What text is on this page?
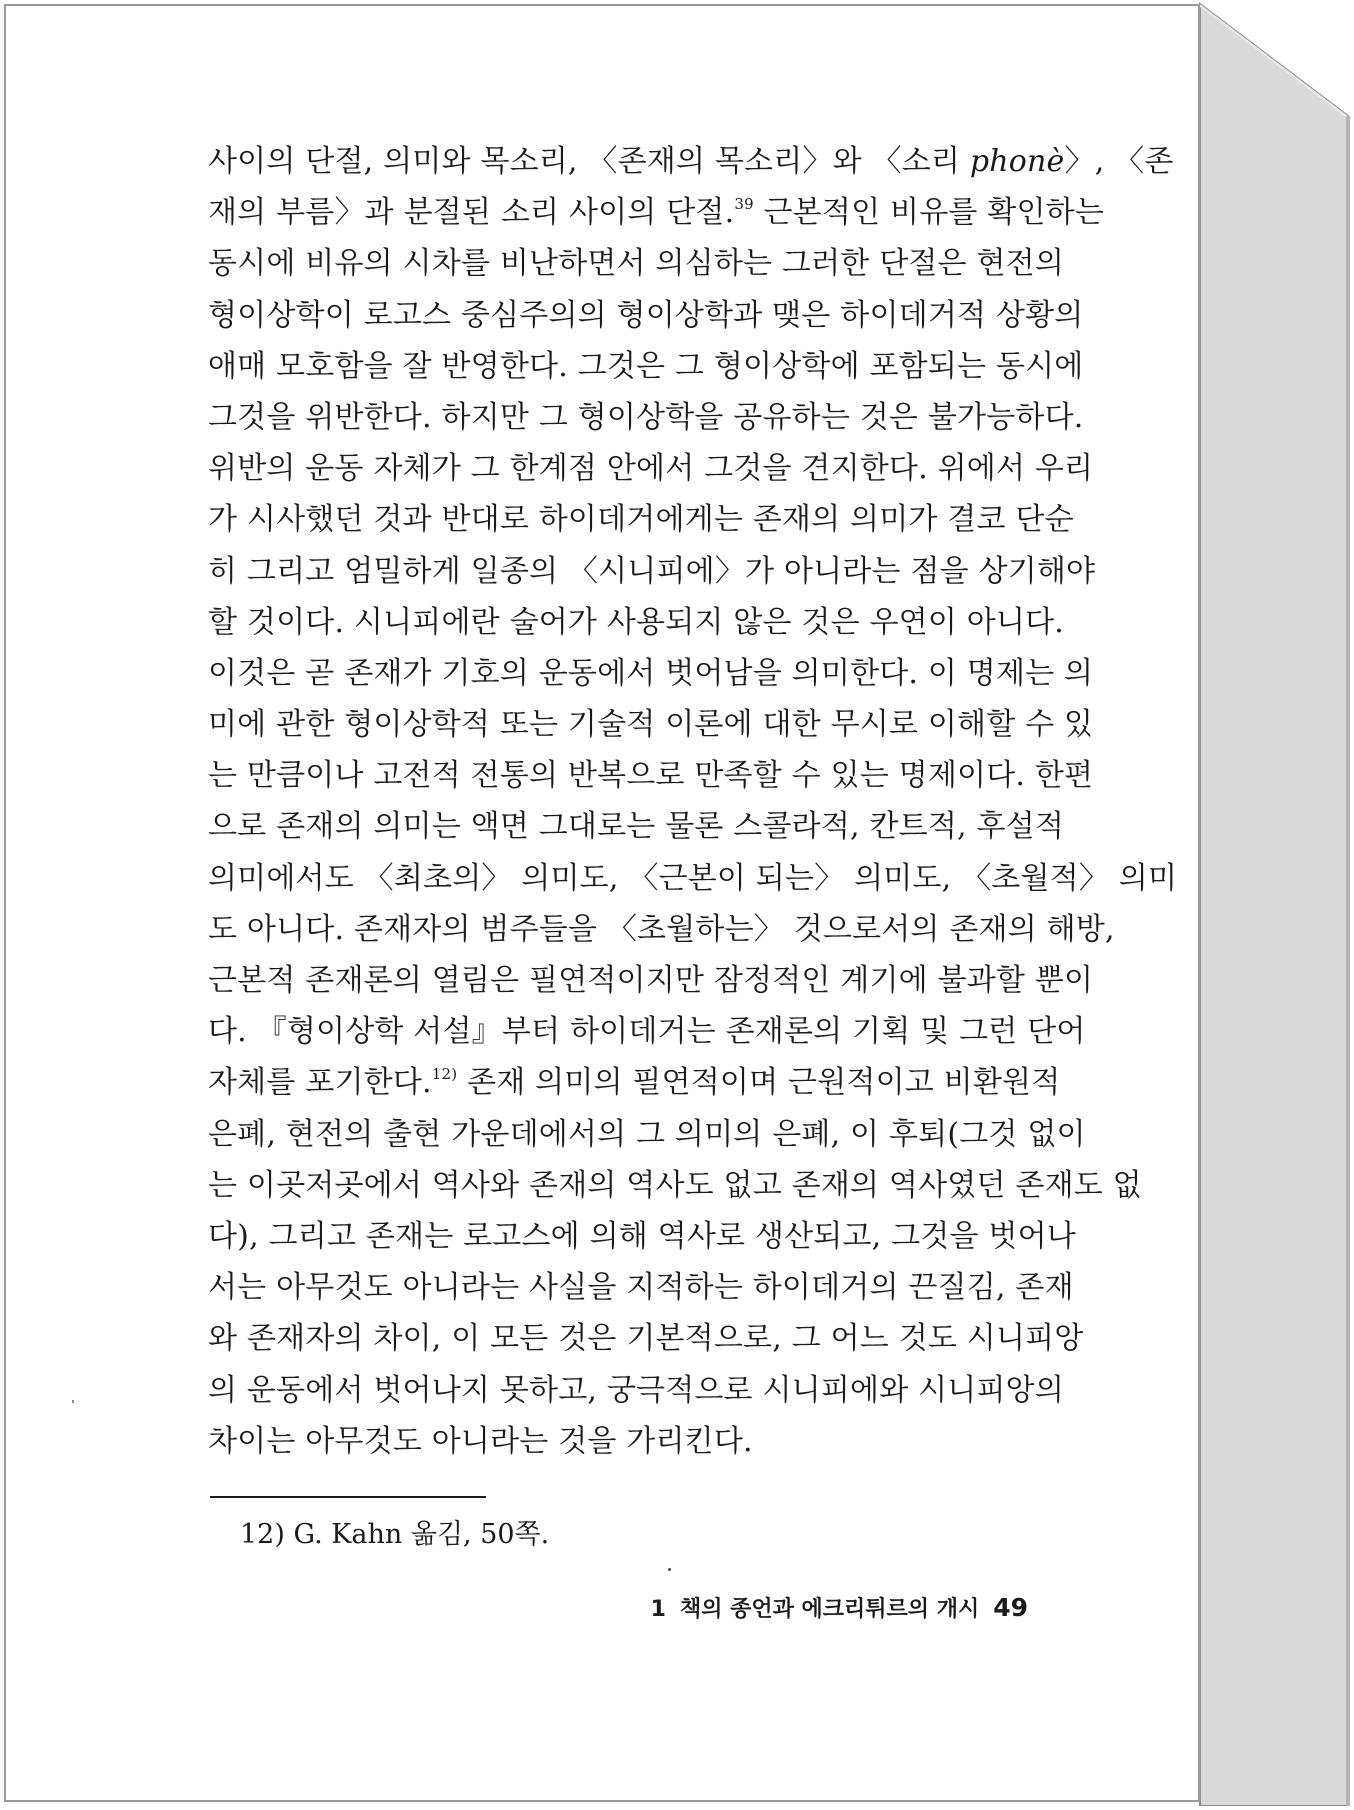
사이의 단절, 의미와 목소리, 〈존재의 목소리〉와 〈소리 phonè〉, 〈존
재의 부름〉과 분절된 소리 사이의 단절.$^{39}$ 근본적인 비유를 확인하는
동시에 비유의 시차를 비난하면서 의심하는 그러한 단절은 현전의
형이상학이 로고스 중심주의의 형이상학과 맺은 하이데거적 상황의
애매 모호함을 잘 반영한다. 그것은 그 형이상학에 포함되는 동시에
그것을 위반한다. 하지만 그 형이상학을 공유하는 것은 불가능하다.
위반의 운동 자체가 그 한계점 안에서 그것을 견지한다. 위에서 우리
가 시사했던 것과 반대로 하이데거에게는 존재의 의미가 결코 단순
히 그리고 엄밀하게 일종의 〈시니피에〉가 아니라는 점을 상기해야
할 것이다. 시니피에란 술어가 사용되지 않은 것은 우연이 아니다.
이것은 곧 존재가 기호의 운동에서 벗어남을 의미한다. 이 명제는 의
미에 관한 형이상학적 또는 기술적 이론에 대한 무시로 이해할 수 있
는 만큼이나 고전적 전통의 반복으로 만족할 수 있는 명제이다. 한편
으로 존재의 의미는 액면 그대로는 물론 스콜라적, 칸트적, 후설적
의미에서도 〈최초의〉 의미도, 〈근본이 되는〉 의미도, 〈초월적〉 의미
도 아니다. 존재자의 범주들을 〈초월하는〉 것으로서의 존재의 해방,
근본적 존재론의 열림은 필연적이지만 잠정적인 계기에 불과할 뿐이
다. 『형이상학 서설』부터 하이데거는 존재론의 기획 및 그런 단어
자체를 포기한다.$^{12)}$ 존재 의미의 필연적이며 근원적이고 비환원적
은폐, 현전의 출현 가운데에서의 그 의미의 은폐, 이 후퇴(그것 없이
는 이곳저곳에서 역사와 존재의 역사도 없고 존재의 역사였던 존재도 없
다), 그리고 존재는 로고스에 의해 역사로 생산되고, 그것을 벗어나
서는 아무것도 아니라는 사실을 지적하는 하이데거의 끈질김, 존재
와 존재자의 차이, 이 모든 것은 기본적으로, 그 어느 것도 시니피앙
의 운동에서 벗어나지 못하고, 궁극적으로 시니피에와 시니피앙의
차이는 아무것도 아니라는 것을 가리킨다.
12) G. Kahn 옮김, 50쪽.
1 책의 종언과 에크리튀르의 개시 49
